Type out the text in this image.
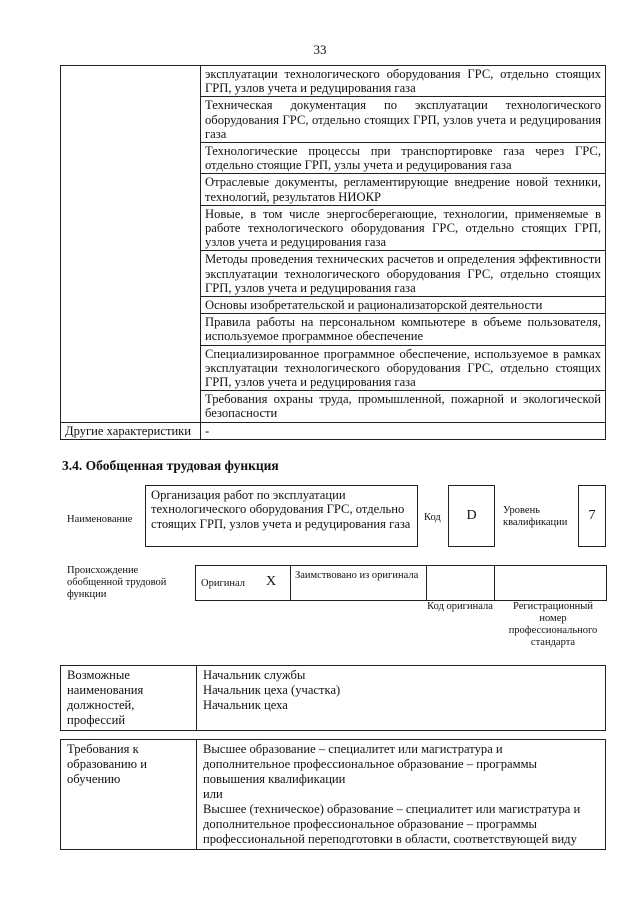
33
	эксплуатации технологического оборудования ГРС, отдельно стоящих ГРП, узлов учета и редуцирования газа
	Техническая документация по эксплуатации технологического оборудования ГРС, отдельно стоящих ГРП, узлов учета и редуцирования газа
	Технологические процессы при транспортировке газа через ГРС, отдельно стоящие ГРП, узлы учета и редуцирования газа
	Отраслевые документы, регламентирующие внедрение новой техники, технологий, результатов НИОКР
	Новые, в том числе энергосберегающие, технологии, применяемые в работе технологического оборудования ГРС, отдельно стоящих ГРП, узлов учета и редуцирования газа
	Методы проведения технических расчетов и определения эффективности эксплуатации технологического оборудования ГРС, отдельно стоящих ГРП, узлов учета и редуцирования газа
	Основы изобретательской и рационализаторской деятельности
	Правила работы на персональном компьютере в объеме пользователя, используемое программное обеспечение
	Специализированное программное обеспечение, используемое в рамках эксплуатации технологического оборудования ГРС, отдельно стоящих ГРП, узлов учета и редуцирования газа
	Требования охраны труда, промышленной, пожарной и экологической безопасности
Другие характеристики	-
3.4. Обобщенная трудовая функция
Наименование
Организация работ по эксплуатации технологического оборудования ГРС, отдельно стоящих ГРП, узлов учета и редуцирования газа	Код	D	Уровень квалификации	7
Происхождение обобщенной трудовой функции
Оригинал X Заимствовано из оригинала
Код оригинала	Регистрационный номер профессионального стандарта
Возможные наименования должностей, профессий	
Начальник службы
Начальник цеха (участка)
Начальник цеха
Требования к образованию и обучению	
Высшее образование – специалитет или магистратура и
дополнительное профессиональное образование – программы
повышения квалификации
или
Высшее (техническое) образование – специалитет или магистратура и
дополнительное профессиональное образование – программы
профессиональной переподготовки в области, соответствующей виду
